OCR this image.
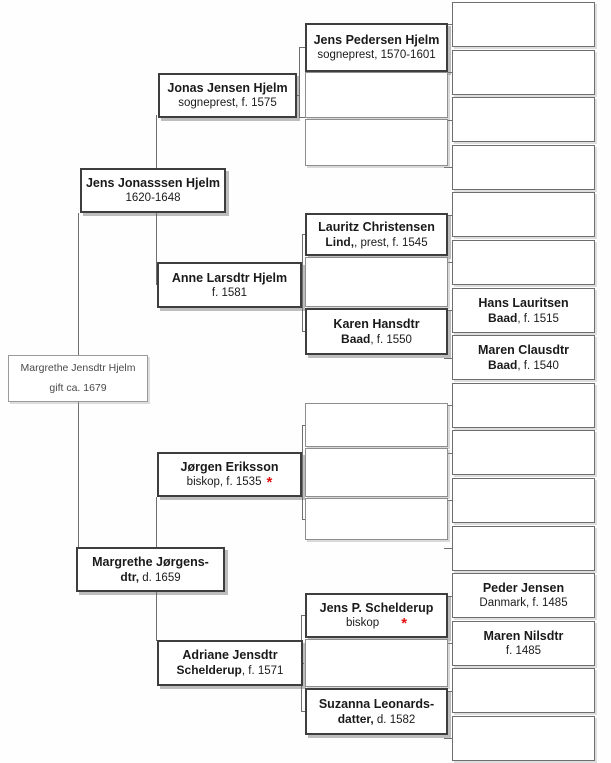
Margrethe Jensdtr Hjelm
gift ca. 1679
Jens Jonasssen Hjelm
1620-1648
Margrethe Jørgens-
dtr, d. 1659
Jonas Jensen Hjelm
sogneprest, f. 1575
Anne Larsdtr Hjelm
f. 1581
Jørgen Eriksson
biskop, f. 1535 *
Adriane Jensdtr
Schelderup, f. 1571
Jens Pedersen Hjelm
sogneprest, 1570-1601
Lauritz Christensen
Lind,, prest, f. 1545
Karen Hansdtr
Baad, f. 1550
Jens P. Schelderup
biskop *
Suzanna Leonards-
datter, d. 1582
Hans Lauritsen
Baad, f. 1515
Maren Clausdtr
Baad, f. 1540
Peder Jensen
Danmark, f. 1485
Maren Nilsdtr
f. 1485
